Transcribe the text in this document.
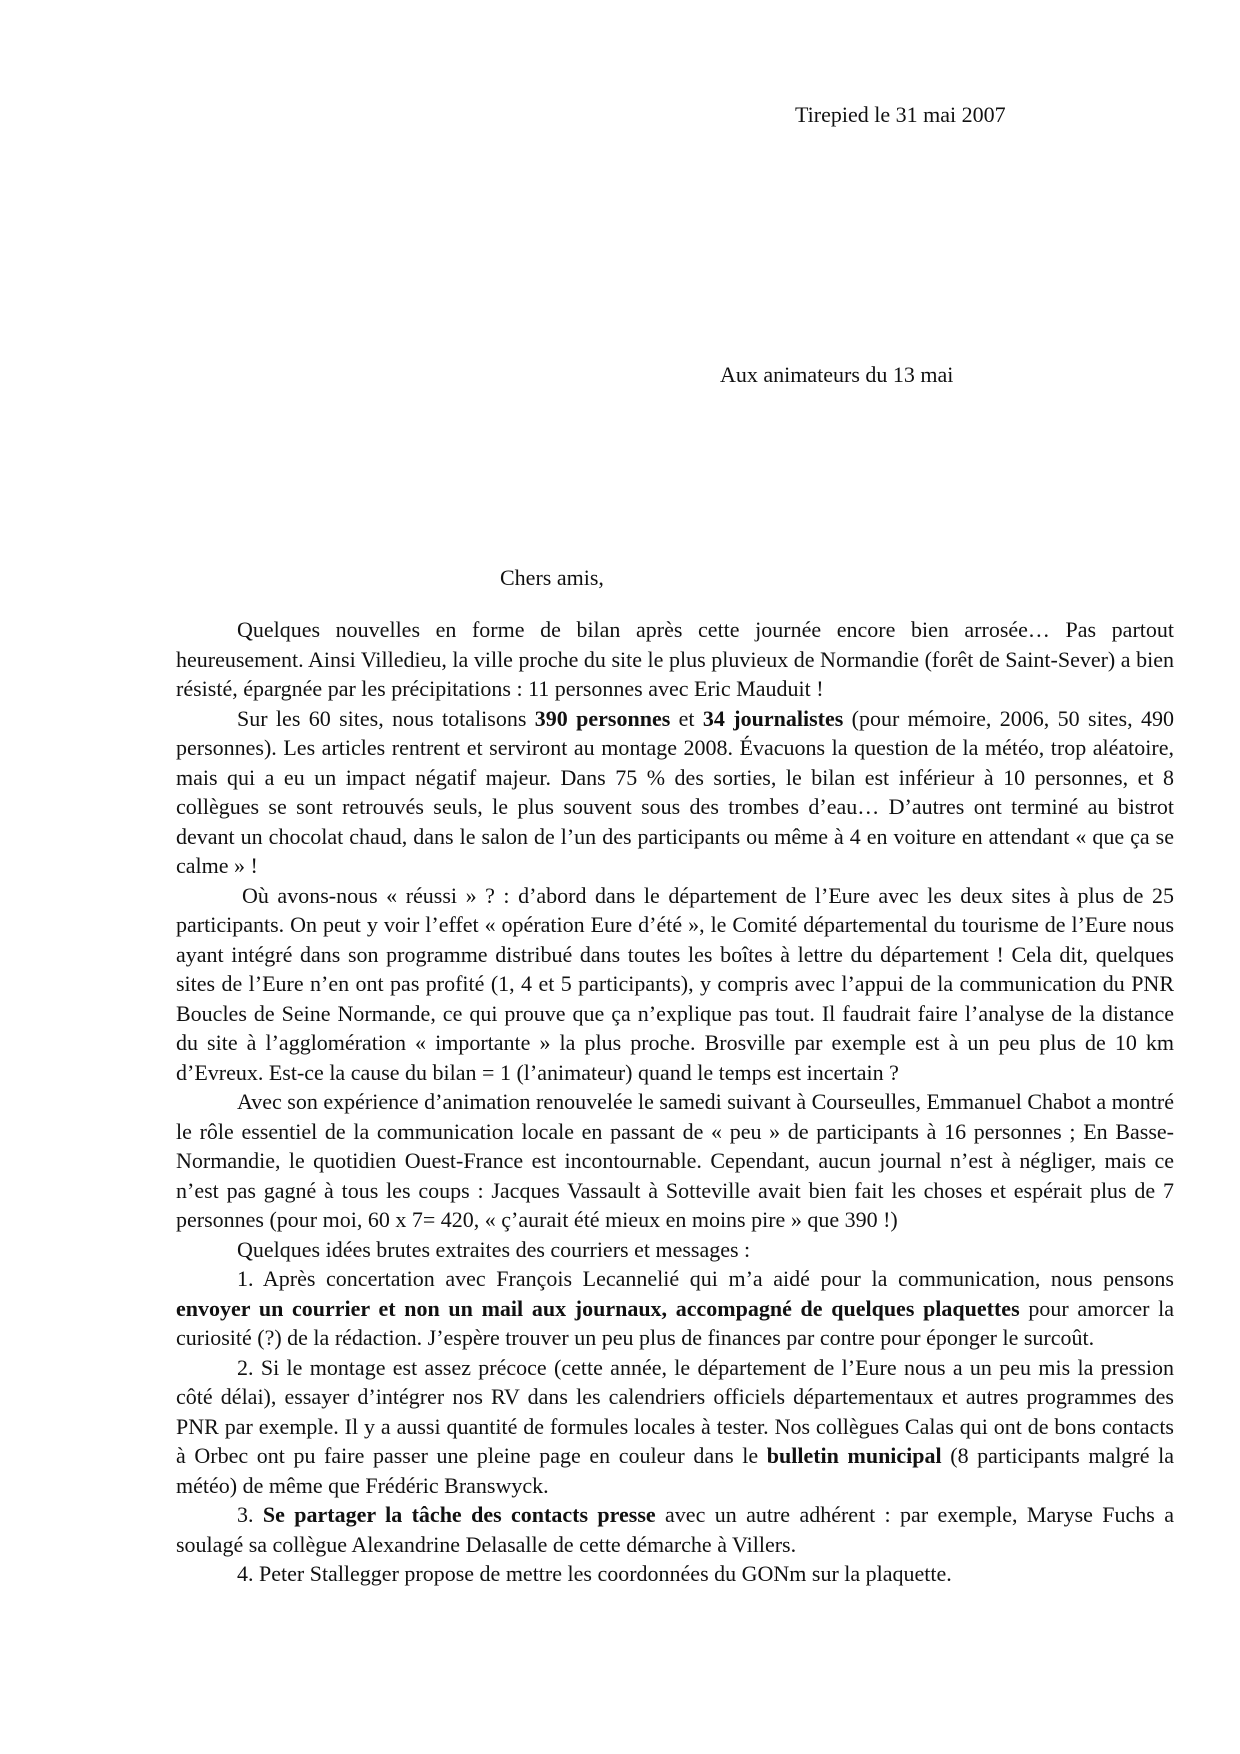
Tirepied le 31 mai 2007
Aux animateurs du 13 mai
Chers amis,

Quelques nouvelles en forme de bilan après cette journée encore bien arrosée… Pas partout heureusement. Ainsi Villedieu, la ville proche du site le plus pluvieux de Normandie (forêt de Saint-Sever) a bien résisté, épargnée par les précipitations : 11 personnes avec Eric Mauduit !

Sur les 60 sites, nous totalisons 390 personnes et 34 journalistes (pour mémoire, 2006, 50 sites, 490 personnes). Les articles rentrent et serviront au montage 2008. Évacuons la question de la météo, trop aléatoire, mais qui a eu un impact négatif majeur. Dans 75 % des sorties, le bilan est inférieur à 10 personnes, et 8 collègues se sont retrouvés seuls, le plus souvent sous des trombes d’eau… D’autres ont terminé au bistrot devant un chocolat chaud, dans le salon de l’un des participants ou même à 4 en voiture en attendant « que ça se calme » !

Où avons-nous « réussi » ? : d’abord dans le département de l’Eure avec les deux sites à plus de 25 participants. On peut y voir l’effet « opération Eure d’été », le Comité départemental du tourisme de l’Eure nous ayant intégré dans son programme distribué dans toutes les boîtes à lettre du département ! Cela dit, quelques sites de l’Eure n’en ont pas profité (1, 4 et 5 participants), y compris avec l’appui de la communication du PNR Boucles de Seine Normande, ce qui prouve que ça n’explique pas tout. Il faudrait faire l’analyse de la distance du site à l’agglomération « importante » la plus proche. Brosville par exemple est à un peu plus de 10 km d’Evreux. Est-ce la cause du bilan = 1 (l’animateur) quand le temps est incertain ?

Avec son expérience d’animation renouvelée le samedi suivant à Courseulles, Emmanuel Chabot a montré le rôle essentiel de la communication locale en passant de « peu » de participants à 16 personnes ; En Basse-Normandie, le quotidien Ouest-France est incontournable. Cependant, aucun journal n’est à négliger, mais ce n’est pas gagné à tous les coups : Jacques Vassault à Sotteville avait bien fait les choses et espérait plus de 7 personnes (pour moi, 60 x 7= 420, « ç’aurait été mieux en moins pire » que 390 !)

Quelques idées brutes extraites des courriers et messages :

1. Après concertation avec François Lecannelié qui m’a aidé pour la communication, nous pensons envoyer un courrier et non un mail aux journaux, accompagné de quelques plaquettes pour amorcer la curiosité (?) de la rédaction. J’espère trouver un peu plus de finances par contre pour éponger le surcoût.

2. Si le montage est assez précoce (cette année, le département de l’Eure nous a un peu mis la pression côté délai), essayer d’intégrer nos RV dans les calendriers officiels départementaux et autres programmes des PNR par exemple. Il y a aussi quantité de formules locales à tester. Nos collègues Calas qui ont de bons contacts à Orbec ont pu faire passer une pleine page en couleur dans le bulletin municipal (8 participants malgré la météo) de même que Frédéric Branswyck.

3. Se partager la tâche des contacts presse avec un autre adhérent : par exemple, Maryse Fuchs a soulagé sa collègue Alexandrine Delasalle de cette démarche à Villers.

4. Peter Stallegger propose de mettre les coordonnées du GONm sur la plaquette.
